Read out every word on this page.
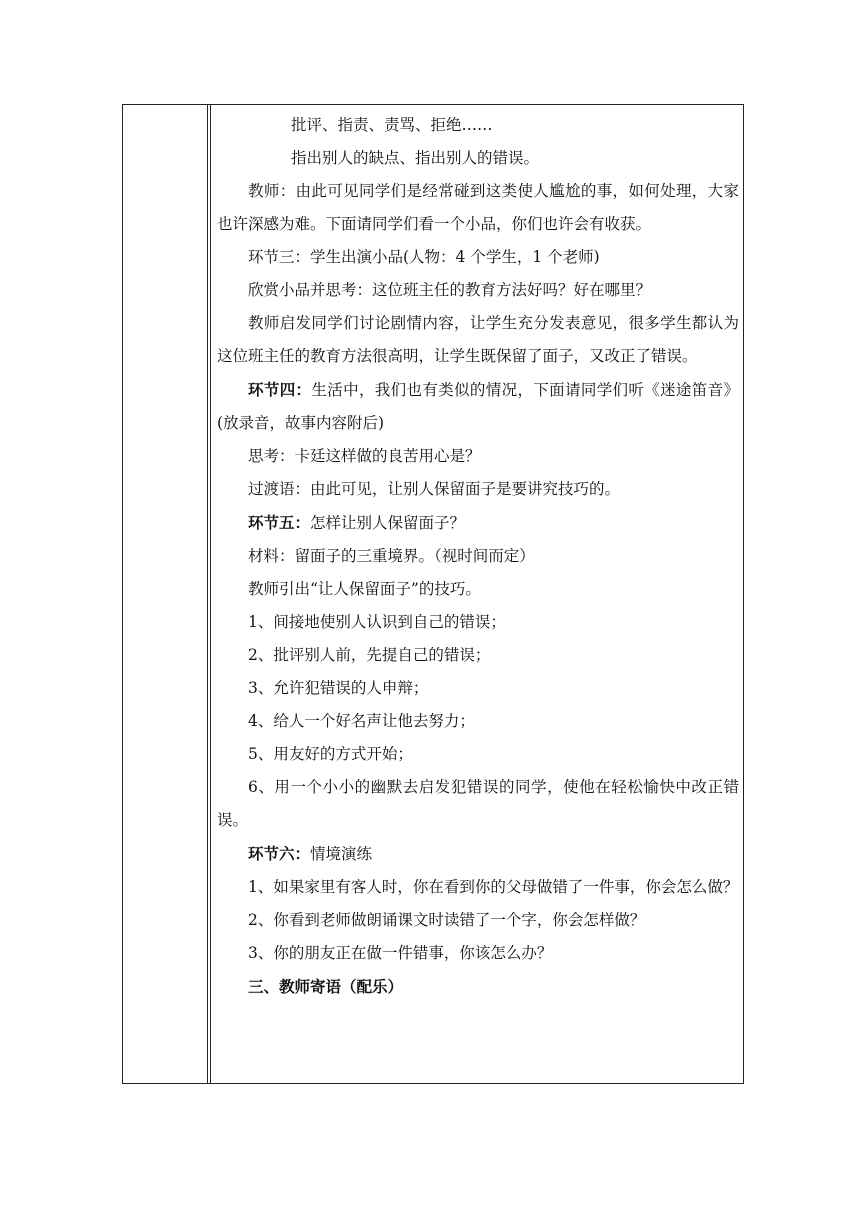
批评、指责、责骂、拒绝……

指出别人的缺点、指出别人的错误。

教师：由此可见同学们是经常碰到这类使人尴尬的事，如何处理，大家也许深感为难。下面请同学们看一个小品，你们也许会有收获。

环节三：学生出演小品(人物：4 个学生，1 个老师)

欣赏小品并思考：这位班主任的教育方法好吗？好在哪里？

教师启发同学们讨论剧情内容，让学生充分发表意见，很多学生都认为这位班主任的教育方法很高明，让学生既保留了面子，又改正了错误。

环节四：生活中，我们也有类似的情况，下面请同学们听《迷途笛音》(放录音，故事内容附后)

思考：卡廷这样做的良苦用心是？

过渡语：由此可见，让别人保留面子是要讲究技巧的。

环节五：怎样让别人保留面子？

材料：留面子的三重境界。（视时间而定）

教师引出“让人保留面子”的技巧。

1、间接地使别人认识到自己的错误；

2、批评别人前，先提自己的错误；

3、允许犯错误的人申辩；

4、给人一个好名声让他去努力；

5、用友好的方式开始；

6、用一个小小的幽默去启发犯错误的同学，使他在轻松愉快中改正错误。

环节六：情境演练

1、如果家里有客人时，你在看到你的父母做错了一件事，你会怎么做？

2、你看到老师做朗诵课文时读错了一个字，你会怎样做？

3、你的朋友正在做一件错事，你该怎么办？

三、教师寄语（配乐）
